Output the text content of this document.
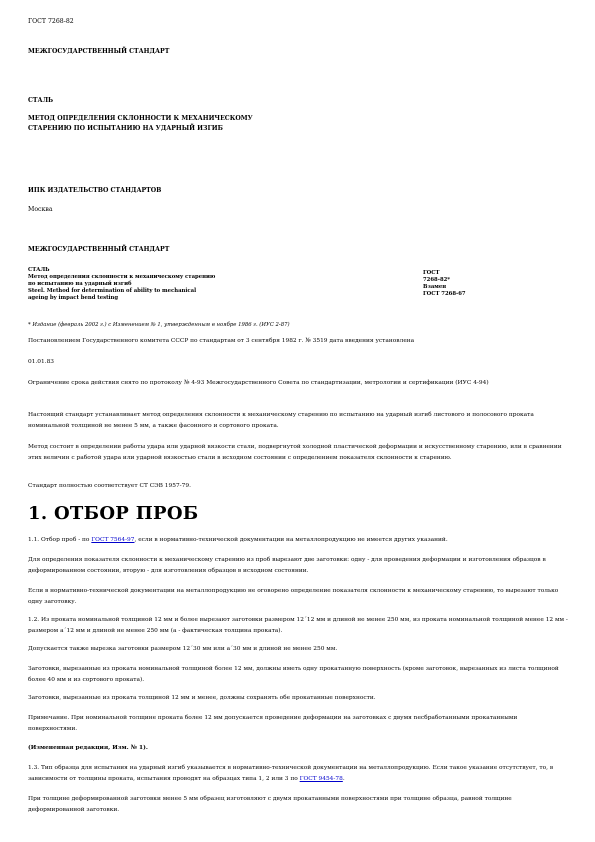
ГОСТ 7268-82

МЕЖГОСУДАРСТВЕННЫЙ СТАНДАРТ

СТАЛЬ

МЕТОД ОПРЕДЕЛЕНИЯ СКЛОННОСТИ К МЕХАНИЧЕСКОМУ

СТАРЕНИЮ ПО ИСПЫТАНИЮ НА УДАРНЫЙ ИЗГИБ

ИПК ИЗДАТЕЛЬСТВО СТАНДАРТОВ

Москва

МЕЖГОСУДАРСТВЕННЫЙ СТАНДАРТ

СТАЛЬ
Метод определения склонности к механическому старению
по испытанию на ударный изгиб
Steel. Method for determination of ability to mechanical
ageing by impact bend testing
ГОСТ
7268-82*
Взамен
ГОСТ 7268-67

* Издание (февраль 2002 г.) с Изменением № 1, утвержденным в ноябре 1986 г. (ИУС 2-87)

Постановлением Государственного комитета СССР по стандартам от 3 сентября 1982 г. № 3519 дата введения установлена

01.01.83

Ограничение срока действия снято по протоколу № 4-93 Межгосударственного Совета по стандартизации, метрологии и сертификации (ИУС 4-94)

Настоящий стандарт устанавливает метод определения склонности к механическому старению по испытанию на ударный изгиб листового и полосового проката номинальной толщиной не менее 5 мм, а также фасонного и сортового проката.

Метод состоит в определении работы удара или ударной вязкости стали, подвергнутой холодной пластической деформации и искусственному старению, или в сравнении этих величин с работой удара или ударной вязкостью стали в исходном состоянии с определением показателя склонности к старению.

Стандарт полностью соответствует СТ СЭВ 1957-79.

1. ОТБОР ПРОБ

1.1. Отбор проб - по ГОСТ 7564-97, если в нормативно-технической документации на металлопродукцию не имеется других указаний.

Для определения показателя склонности к механическому старению из проб вырезают две заготовки: одну - для проведения деформации и изготовления образцов в деформированном состоянии, вторую - для изготовления образцов в исходном состоянии.

Если в нормативно-технической документации на металлопродукцию не оговорено определение показателя склонности к механическому старению, то вырезают только одну заготовку.

1.2. Из проката номинальной толщиной 12 мм и более вырезают заготовки размером 12´12 мм и длиной не менее 250 мм, из проката номинальной толщиной менее 12 мм - размером a´12 мм и длиной не менее 250 мм (a - фактическая толщина проката).

Допускается также вырезка заготовки размером 12´30 мм или a´30 мм и длиной не менее 250 мм.

Заготовки, вырезанные из проката номинальной толщиной более 12 мм, должны иметь одну прокатанную поверхность (кроме заготовок, вырезанных из листа толщиной более 40 мм и из сортового проката).

Заготовки, вырезанные из проката толщиной 12 мм и менее, должны сохранять обе прокатанные поверхности.

Примечание. При номинальной толщине проката более 12 мм допускается проведение деформации на заготовках с двумя necбработанными прокатанными поверхностями.

(Измененная редакция, Изм. № 1).

1.3. Тип образца для испытания на ударный изгиб указывается в нормативно-технической документации на металлопродукцию. Если такое указание отсутствует, то, в зависимости от толщины проката, испытания проводят на образцах типа 1, 2 или 3 по ГОСТ 9454-78.

При толщине деформированной заготовки менее 5 мм образец изготовляют с двумя прокатанными поверхностями при толщине образца, равной толщине деформированной заготовки.
